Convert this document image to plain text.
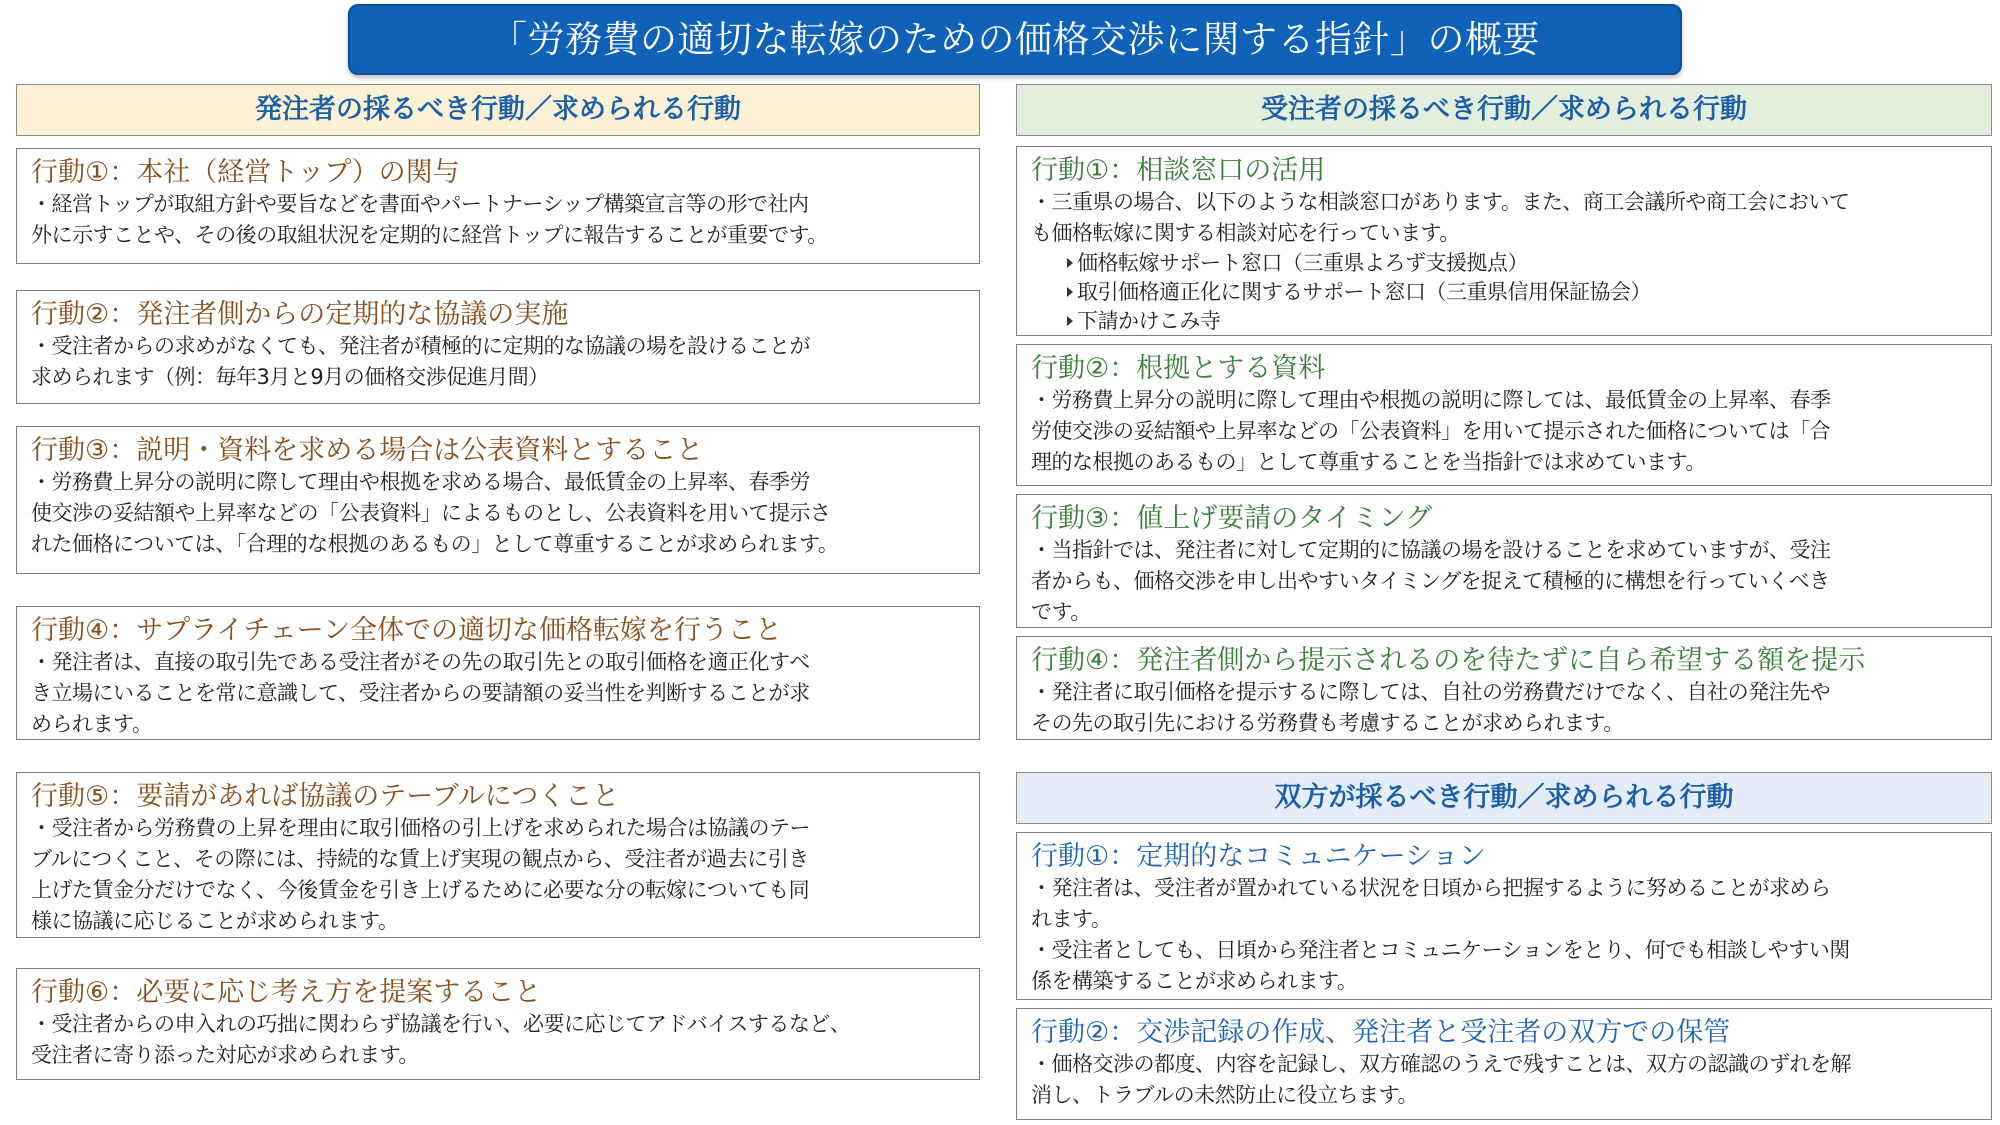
「労務費の適切な転嫁のための価格交渉に関する指針」の概要
発注者の採るべき行動／求められる行動
行動①：本社（経営トップ）の関与
・経営トップが取組方針や要旨などを書面やパートナーシップ構築宣言等の形で社内
外に示すことや、その後の取組状況を定期的に経営トップに報告することが重要です。
行動②：発注者側からの定期的な協議の実施
・受注者からの求めがなくても、発注者が積極的に定期的な協議の場を設けることが
求められます（例：毎年3月と9月の価格交渉促進月間）
行動③：説明・資料を求める場合は公表資料とすること
・労務費上昇分の説明に際して理由や根拠を求める場合、最低賃金の上昇率、春季労
使交渉の妥結額や上昇率などの「公表資料」によるものとし、公表資料を用いて提示さ
れた価格については、「合理的な根拠のあるもの」として尊重することが求められます。
行動④：サプライチェーン全体での適切な価格転嫁を行うこと
・発注者は、直接の取引先である受注者がその先の取引先との取引価格を適正化すべ
き立場にいることを常に意識して、受注者からの要請額の妥当性を判断することが求
められます。
行動⑤：要請があれば協議のテーブルにつくこと
・受注者から労務費の上昇を理由に取引価格の引上げを求められた場合は協議のテー
ブルにつくこと、その際には、持続的な賃上げ実現の観点から、受注者が過去に引き
上げた賃金分だけでなく、今後賃金を引き上げるために必要な分の転嫁についても同
様に協議に応じることが求められます。
行動⑥：必要に応じ考え方を提案すること
・受注者からの申入れの巧拙に関わらず協議を行い、必要に応じてアドバイスするなど、
受注者に寄り添った対応が求められます。
受注者の採るべき行動／求められる行動
行動①：相談窓口の活用
・三重県の場合、以下のような相談窓口があります。また、商工会議所や商工会において
も価格転嫁に関する相談対応を行っています。
価格転嫁サポート窓口（三重県よろず支援拠点）
取引価格適正化に関するサポート窓口（三重県信用保証協会）
下請かけこみ寺
行動②：根拠とする資料
・労務費上昇分の説明に際して理由や根拠の説明に際しては、最低賃金の上昇率、春季
労使交渉の妥結額や上昇率などの「公表資料」を用いて提示された価格については「合
理的な根拠のあるもの」として尊重することを当指針では求めています。
行動③：値上げ要請のタイミング
・当指針では、発注者に対して定期的に協議の場を設けることを求めていますが、受注
者からも、価格交渉を申し出やすいタイミングを捉えて積極的に構想を行っていくべき
です。
行動④：発注者側から提示されるのを待たずに自ら希望する額を提示
・発注者に取引価格を提示するに際しては、自社の労務費だけでなく、自社の発注先や
その先の取引先における労務費も考慮することが求められます。
双方が採るべき行動／求められる行動
行動①：定期的なコミュニケーション
・発注者は、受注者が置かれている状況を日頃から把握するように努めることが求めら
れます。
・受注者としても、日頃から発注者とコミュニケーションをとり、何でも相談しやすい関
係を構築することが求められます。
行動②：交渉記録の作成、発注者と受注者の双方での保管
・価格交渉の都度、内容を記録し、双方確認のうえで残すことは、双方の認識のずれを解
消し、トラブルの未然防止に役立ちます。
